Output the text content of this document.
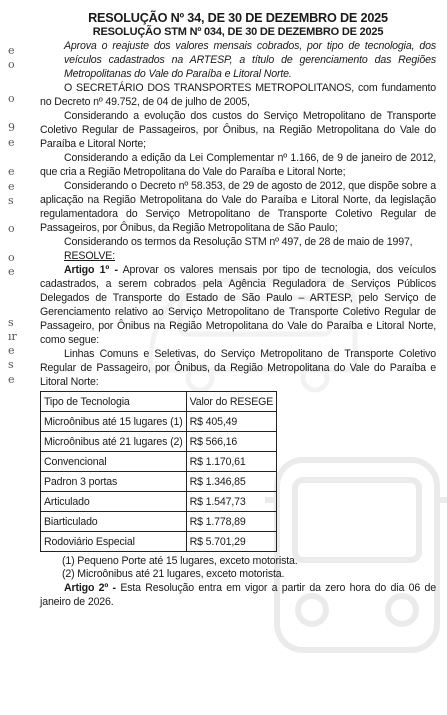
e
o
o
9
e
e
e
s
o
o
e
s
ır
e
s
e

RESOLUÇÃO Nº 34, DE 30 DE DEZEMBRO DE 2025

RESOLUÇÃO STM Nº 034, DE 30 DE DEZEMBRO DE 2025

Aprova o reajuste dos valores mensais cobrados, por tipo de tecnologia, dos veículos cadastrados na ARTESP, a título de gerenciamento das Regiões Metropolitanas do Vale do Paraíba e Litoral Norte.

O SECRETÁRIO DOS TRANSPORTES METROPOLITANOS, com fundamento no Decreto nº 49.752, de 04 de julho de 2005,

Considerando a evolução dos custos do Serviço Metropolitano de Transporte Coletivo Regular de Passageiros, por Ônibus, na Região Metropolitana do Vale do Paraíba e Litoral Norte;

Considerando a edição da Lei Complementar nº 1.166, de 9 de janeiro de 2012, que cria a Região Metropolitana do Vale do Paraíba e Litoral Norte;

Considerando o Decreto nº 58.353, de 29 de agosto de 2012, que dispõe sobre a aplicação na Região Metropolitana do Vale do Paraíba e Litoral Norte, da legislação regulamentadora do Serviço Metropolitano de Transporte Coletivo Regular de Passageiros, por Ônibus, da Região Metropolitana de São Paulo;

Considerando os termos da Resolução STM nº 497, de 28 de maio de 1997,

RESOLVE:

Artigo 1º - Aprovar os valores mensais por tipo de tecnologia, dos veículos cadastrados, a serem cobrados pela Agência Reguladora de Serviços Públicos Delegados de Transporte do Estado de São Paulo – ARTESP, pelo Serviço de Gerenciamento relativo ao Serviço Metropolitano de Transporte Coletivo Regular de Passageiro, por Ônibus na Região Metropolitana do Vale do Paraíba e Litoral Norte, como segue:

Linhas Comuns e Seletivas, do Serviço Metropolitano de Transporte Coletivo Regular de Passageiro, por Ônibus, da Região Metropolitana do Vale do Paraíba e Litoral Norte:

Tipo de Tecnologia	Valor do RESEGE
Microônibus até 15 lugares (1)	R$ 405,49
Microônibus até 21 lugares (2)	R$ 566,16
Convencional	R$ 1.170,61
Padron 3 portas	R$ 1.346,85
Articulado	R$ 1.547,73
Biarticulado	R$ 1.778,89
Rodoviário Especial	R$ 5.701,29

(1) Pequeno Porte até 15 lugares, exceto motorista.

(2) Microônibus até 21 lugares, exceto motorista.

Artigo 2º - Esta Resolução entra em vigor a partir da zero hora do dia 06 de janeiro de 2026.
